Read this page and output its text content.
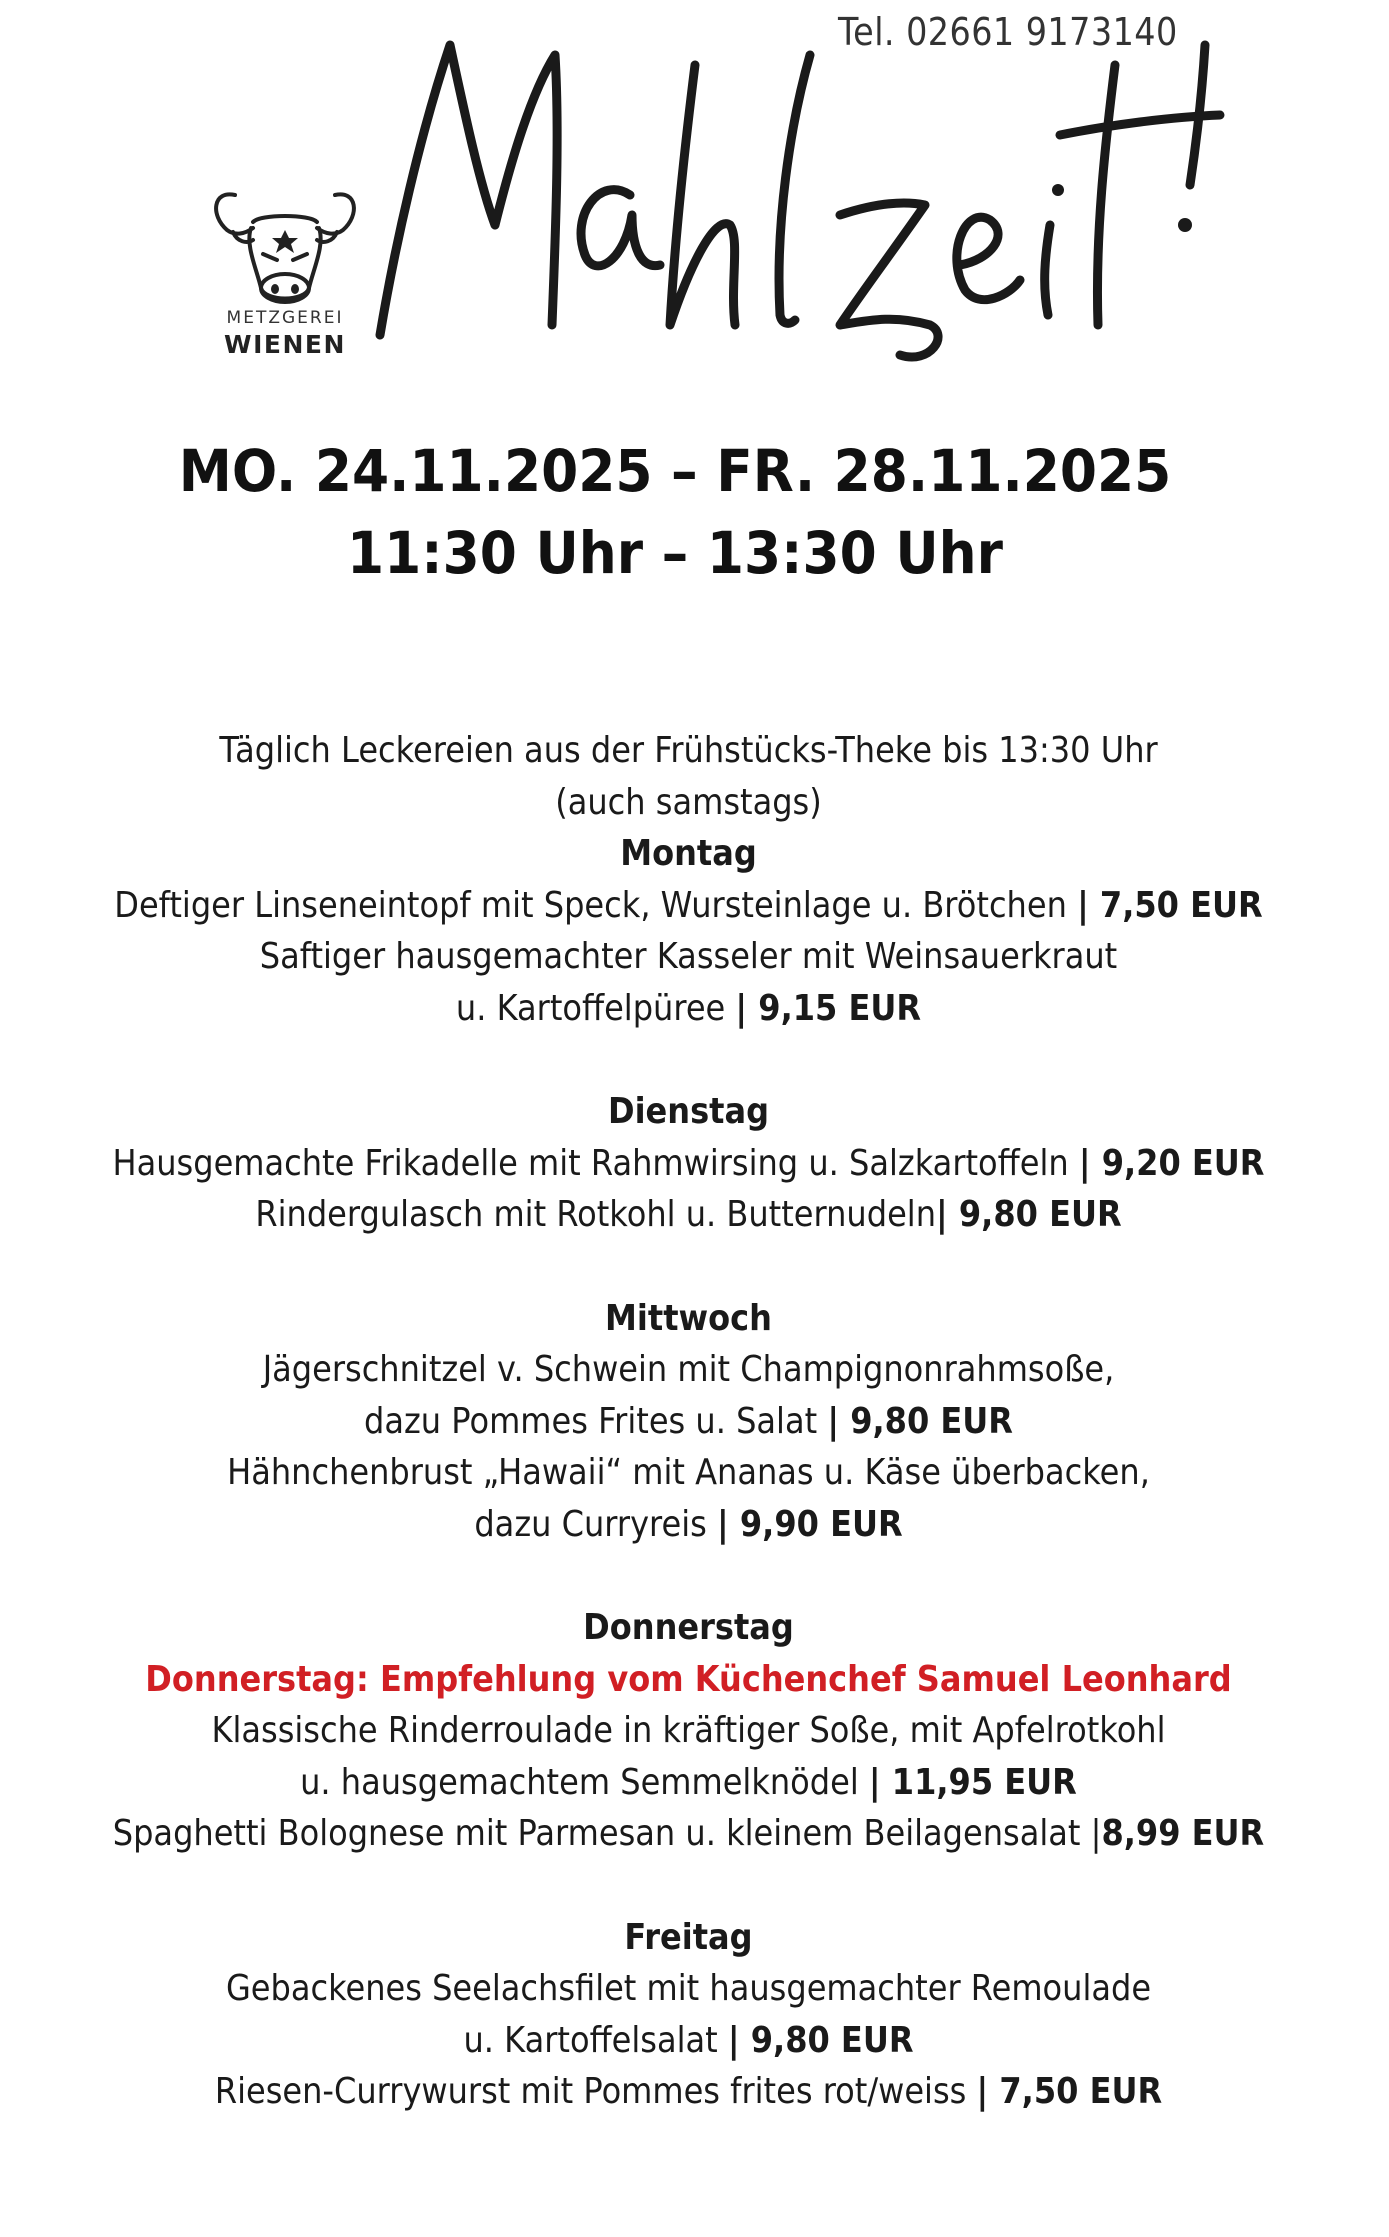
Tel. 02661 9173140
METZGEREI
WIENEN
MO. 24.11.2025 – FR. 28.11.2025
11:30 Uhr – 13:30 Uhr
Täglich Leckereien aus der Frühstücks-Theke bis 13:30 Uhr
(auch samstags)
Montag
Deftiger Linseneintopf mit Speck, Wursteinlage u. Brötchen | 7,50 EUR
Saftiger hausgemachter Kasseler mit Weinsauerkraut
u. Kartoffelpüree | 9,15 EUR
Dienstag
Hausgemachte Frikadelle mit Rahmwirsing u. Salzkartoffeln | 9,20 EUR
Rindergulasch mit Rotkohl u. Butternudeln| 9,80 EUR
Mittwoch
Jägerschnitzel v. Schwein mit Champignonrahmsoße,
dazu Pommes Frites u. Salat | 9,80 EUR
Hähnchenbrust „Hawaii“ mit Ananas u. Käse überbacken,
dazu Curryreis | 9,90 EUR
Donnerstag
Donnerstag: Empfehlung vom Küchenchef Samuel Leonhard
Klassische Rinderroulade in kräftiger Soße, mit Apfelrotkohl
u. hausgemachtem Semmelknödel | 11,95 EUR
Spaghetti Bolognese mit Parmesan u. kleinem Beilagensalat |8,99 EUR
Freitag
Gebackenes Seelachsfilet mit hausgemachter Remoulade
u. Kartoffelsalat | 9,80 EUR
Riesen-Currywurst mit Pommes frites rot/weiss | 7,50 EUR
